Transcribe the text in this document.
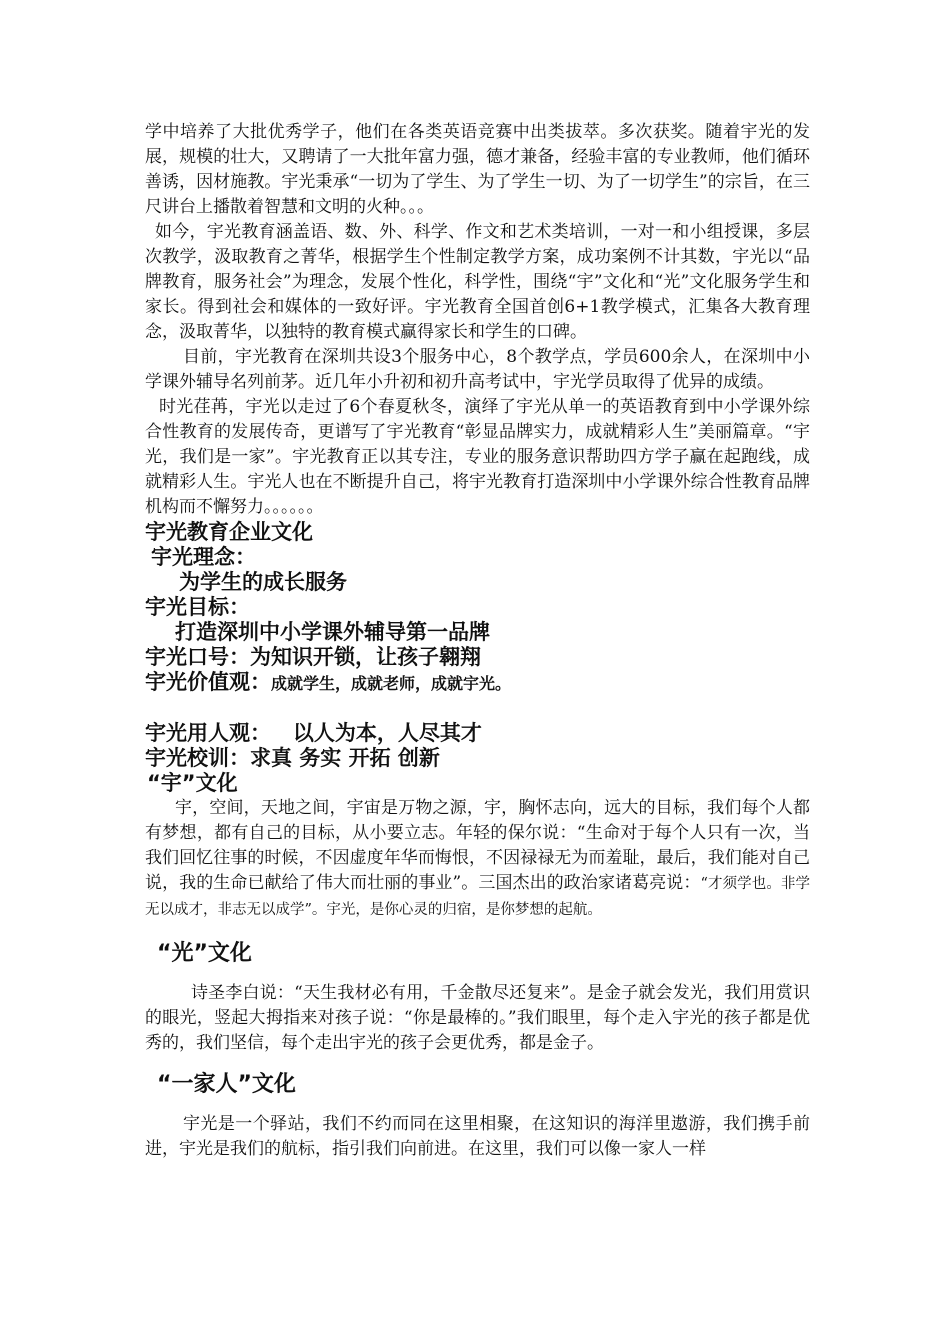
学中培养了大批优秀学子，他们在各类英语竞赛中出类拔萃。多次获奖。随着宇光的发展，规模的壮大，又聘请了一大批年富力强，德才兼备，经验丰富的专业教师，他们循环善诱，因材施教。宇光秉承“一切为了学生、为了学生一切、为了一切学生”的宗旨，在三尺讲台上播散着智慧和文明的火种。。。

如今，宇光教育涵盖语、数、外、科学、作文和艺术类培训，一对一和小组授课，多层次教学，汲取教育之菁华，根据学生个性制定教学方案，成功案例不计其数，宇光以“品牌教育，服务社会”为理念，发展个性化，科学性，围绕“宇”文化和“光”文化服务学生和家长。得到社会和媒体的一致好评。宇光教育全国首创6+1教学模式，汇集各大教育理念，汲取菁华，以独特的教育模式赢得家长和学生的口碑。

目前，宇光教育在深圳共设3个服务中心，8个教学点，学员600余人，在深圳中小学课外辅导名列前茅。近几年小升初和初升高考试中，宇光学员取得了优异的成绩。

时光荏苒，宇光以走过了6个春夏秋冬，演绎了宇光从单一的英语教育到中小学课外综合性教育的发展传奇，更谱写了宇光教育“彰显品牌实力，成就精彩人生”美丽篇章。“宇光，我们是一家”。宇光教育正以其专注，专业的服务意识帮助四方学子赢在起跑线，成就精彩人生。宇光人也在不断提升自己，将宇光教育打造深圳中小学课外综合性教育品牌机构而不懈努力。。。。。。

宇光教育企业文化

宇光理念：

为学生的成长服务

宇光目标：

打造深圳中小学课外辅导第一品牌

宇光口号：为知识开锁，让孩子翱翔

宇光价值观：成就学生，成就老师，成就宇光。

宇光用人观：   以人为本，人尽其才

宇光校训：求真 务实 开拓 创新

“宇”文化

宇，空间，天地之间，宇宙是万物之源，宇，胸怀志向，远大的目标，我们每个人都有梦想，都有自己的目标，从小要立志。年轻的保尔说：“生命对于每个人只有一次，当我们回忆往事的时候，不因虚度年华而悔恨，不因禄禄无为而羞耻，最后，我们能对自己说，我的生命已献给了伟大而壮丽的事业”。三国杰出的政治家诸葛亮说：“才须学也。非学无以成才，非志无以成学”。宇光，是你心灵的归宿，是你梦想的起航。

“光”文化

诗圣李白说：“天生我材必有用，千金散尽还复来”。是金子就会发光，我们用赏识的眼光，竖起大拇指来对孩子说：“你是最棒的。”我们眼里，每个走入宇光的孩子都是优秀的，我们坚信，每个走出宇光的孩子会更优秀，都是金子。

“一家人”文化

宇光是一个驿站，我们不约而同在这里相聚，在这知识的海洋里遨游，我们携手前进，宇光是我们的航标，指引我们向前进。在这里，我们可以像一家人一样
